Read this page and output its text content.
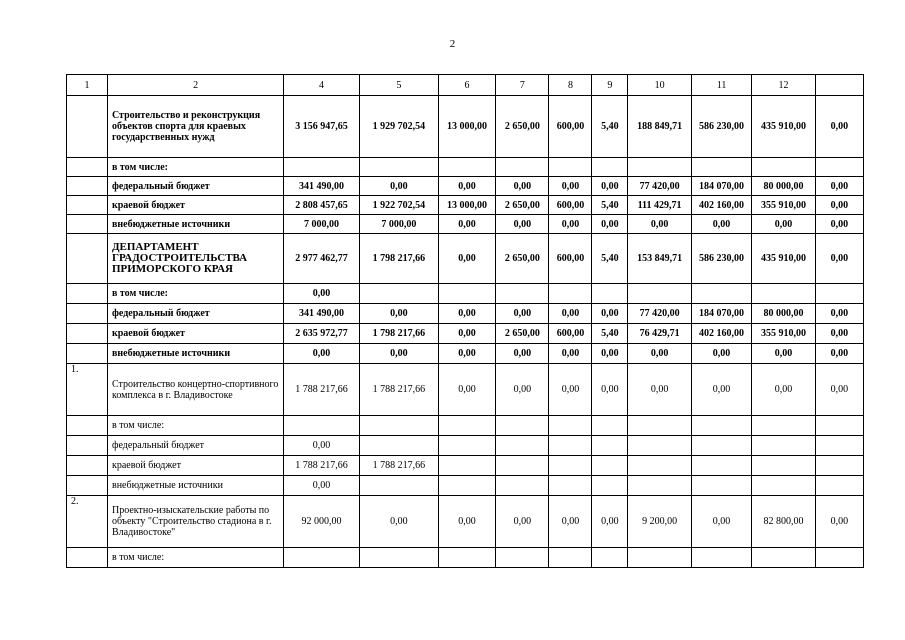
2
1	2	4	5	6	7	8	9	10	11	12	
	Строительство и реконструкция объектов спорта для краевых государственных нужд	3 156 947,65	1 929 702,54	13 000,00	2 650,00	600,00	5,40	188 849,71	586 230,00	435 910,00	0,00
	в том числе:										
	федеральный бюджет	341 490,00	0,00	0,00	0,00	0,00	0,00	77 420,00	184 070,00	80 000,00	0,00
	краевой бюджет	2 808 457,65	1 922 702,54	13 000,00	2 650,00	600,00	5,40	111 429,71	402 160,00	355 910,00	0,00
	внебюджетные источники	7 000,00	7 000,00	0,00	0,00	0,00	0,00	0,00	0,00	0,00	0,00
	ДЕПАРТАМЕНТ ГРАДОСТРОИТЕЛЬСТВА ПРИМОРСКОГО КРАЯ	2 977 462,77	1 798 217,66	0,00	2 650,00	600,00	5,40	153 849,71	586 230,00	435 910,00	0,00
	в том числе:	0,00									
	федеральный бюджет	341 490,00	0,00	0,00	0,00	0,00	0,00	77 420,00	184 070,00	80 000,00	0,00
	краевой бюджет	2 635 972,77	1 798 217,66	0,00	2 650,00	600,00	5,40	76 429,71	402 160,00	355 910,00	0,00
	внебюджетные источники	0,00	0,00	0,00	0,00	0,00	0,00	0,00	0,00	0,00	0,00
1.	Строительство концертно-спортивного комплекса в г. Владивостоке	1 788 217,66	1 788 217,66	0,00	0,00	0,00	0,00	0,00	0,00	0,00	0,00
	в том числе:										
	федеральный бюджет	0,00									
	краевой бюджет	1 788 217,66	1 788 217,66								
	внебюджетные источники	0,00									
2.	Проектно-изыскательские работы по объекту "Строительство стадиона в г. Владивостоке"	92 000,00	0,00	0,00	0,00	0,00	0,00	9 200,00	0,00	82 800,00	0,00
	в том числе:										
